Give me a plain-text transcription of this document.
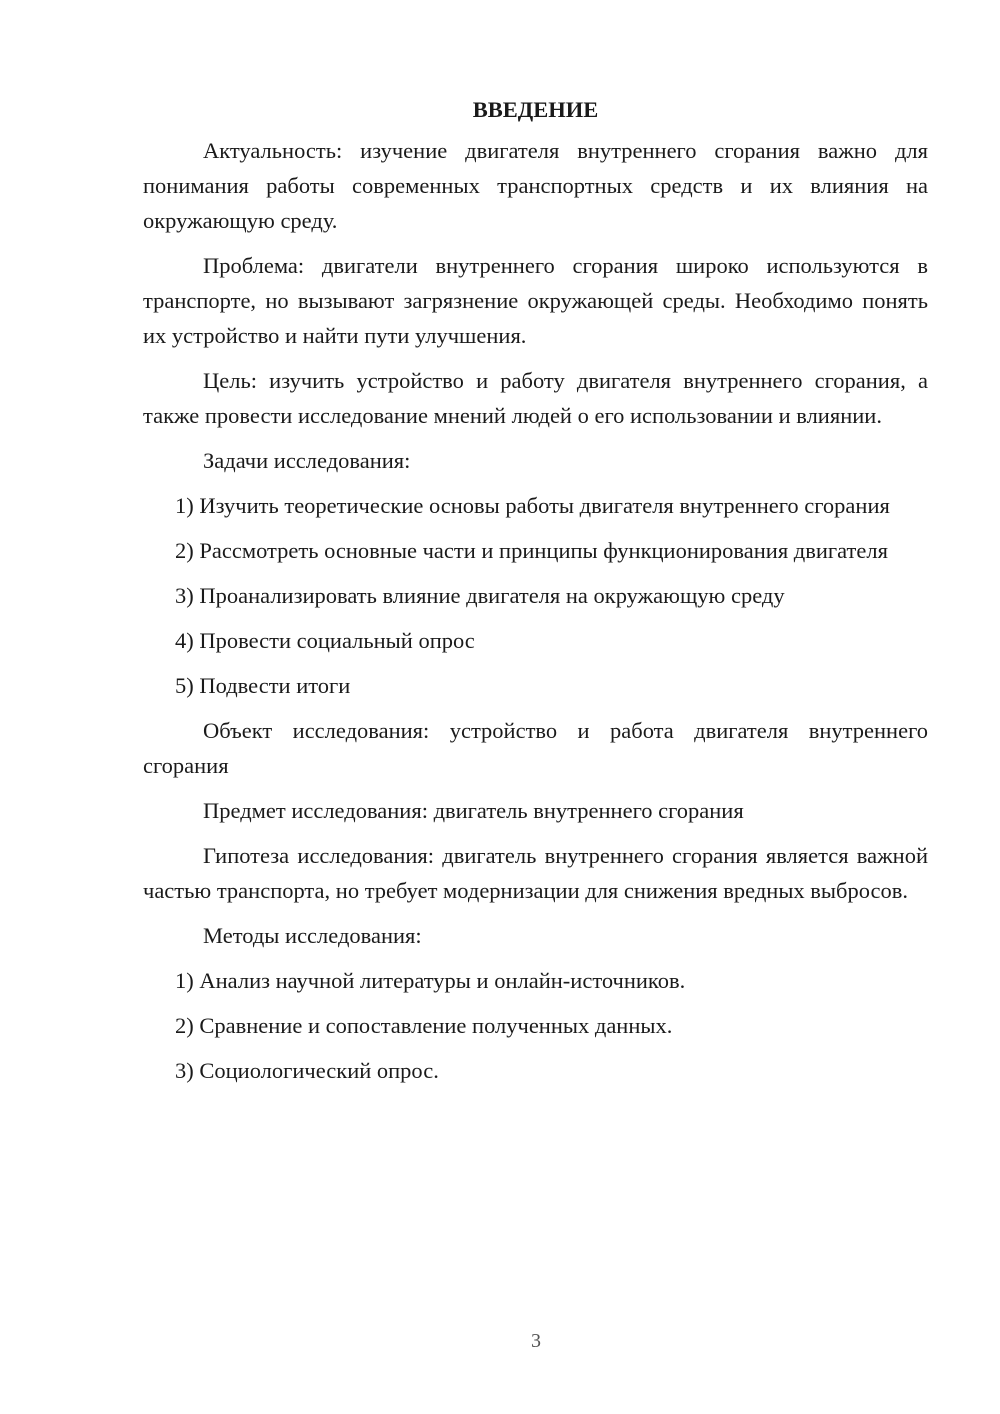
ВВЕДЕНИЕ

Актуальность: изучение двигателя внутреннего сгорания важно для понимания работы современных транспортных средств и их влияния на окружающую среду.

Проблема: двигатели внутреннего сгорания широко используются в транспорте, но вызывают загрязнение окружающей среды. Необходимо понять их устройство и найти пути улучшения.

Цель: изучить устройство и работу двигателя внутреннего сгорания, а также провести исследование мнений людей о его использовании и влиянии.

Задачи исследования:

1) Изучить теоретические основы работы двигателя внутреннего сгорания

2) Рассмотреть основные части и принципы функционирования двигателя

3) Проанализировать влияние двигателя на окружающую среду

4) Провести социальный опрос

5) Подвести итоги

Объект исследования: устройство и работа двигателя внутреннего сгорания

Предмет исследования: двигатель внутреннего сгорания

Гипотеза исследования: двигатель внутреннего сгорания является важной частью транспорта, но требует модернизации для снижения вредных выбросов.

Методы исследования:

1) Анализ научной литературы и онлайн-источников.

2) Сравнение и сопоставление полученных данных.

3) Социологический опрос.

3
